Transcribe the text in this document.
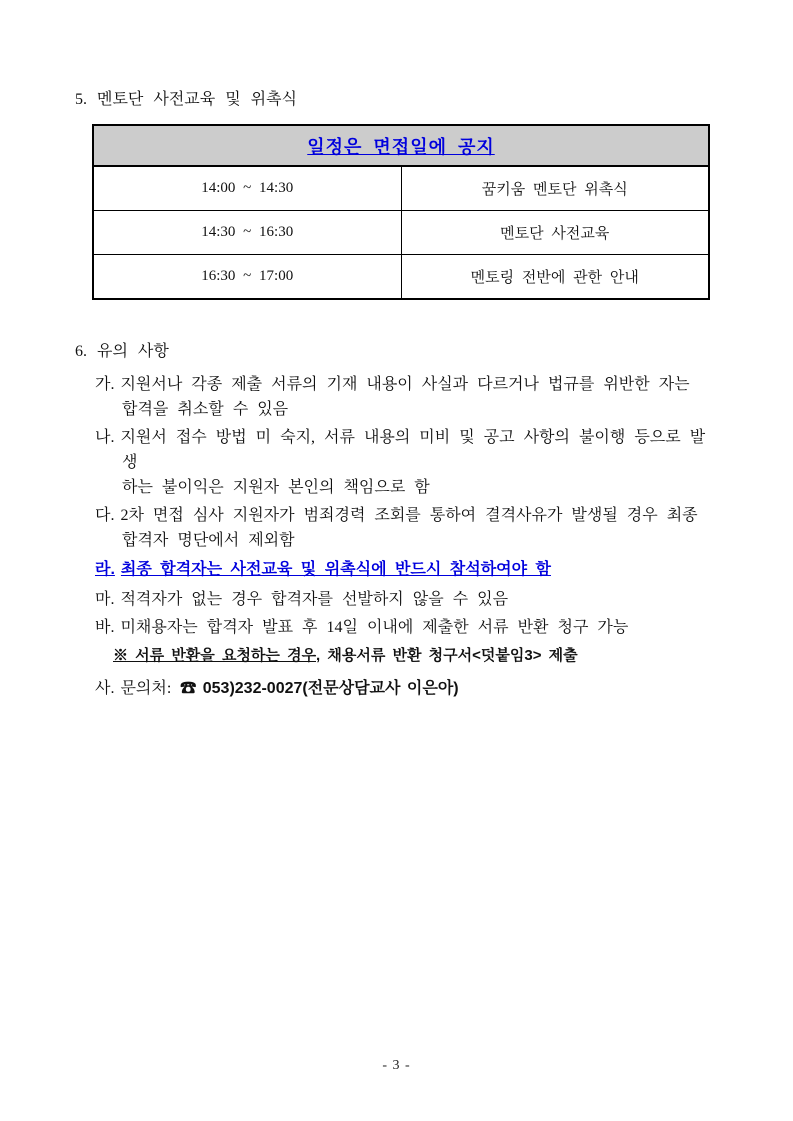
5. 멘토단 사전교육 및 위촉식
일정은 면접일에 공지	
14:00 ~ 14:30	꿈키움 멘토단 위촉식
14:30 ~ 16:30	멘토단 사전교육
16:30 ~ 17:00	멘토링 전반에 관한 안내
6. 유의 사항
가. 지원서나 각종 제출 서류의 기재 내용이 사실과 다르거나 법규를 위반한 자는
합격을 취소할 수 있음
나. 지원서 접수 방법 미 숙지, 서류 내용의 미비 및 공고 사항의 불이행 등으로 발생
하는 불이익은 지원자 본인의 책임으로 함
다. 2차 면접 심사 지원자가 범죄경력 조회를 통하여 결격사유가 발생될 경우 최종
합격자 명단에서 제외함
라. 최종 합격자는 사전교육 및 위촉식에 반드시 참석하여야 함
마. 적격자가 없는 경우 합격자를 선발하지 않을 수 있음
바. 미채용자는 합격자 발표 후 14일 이내에 제출한 서류 반환 청구 가능
※ 서류 반환을 요청하는 경우, 채용서류 반환 청구서<덧붙임3> 제출
사. 문의처: ☎ 053)232-0027(전문상담교사 이은아)
- 3 -
